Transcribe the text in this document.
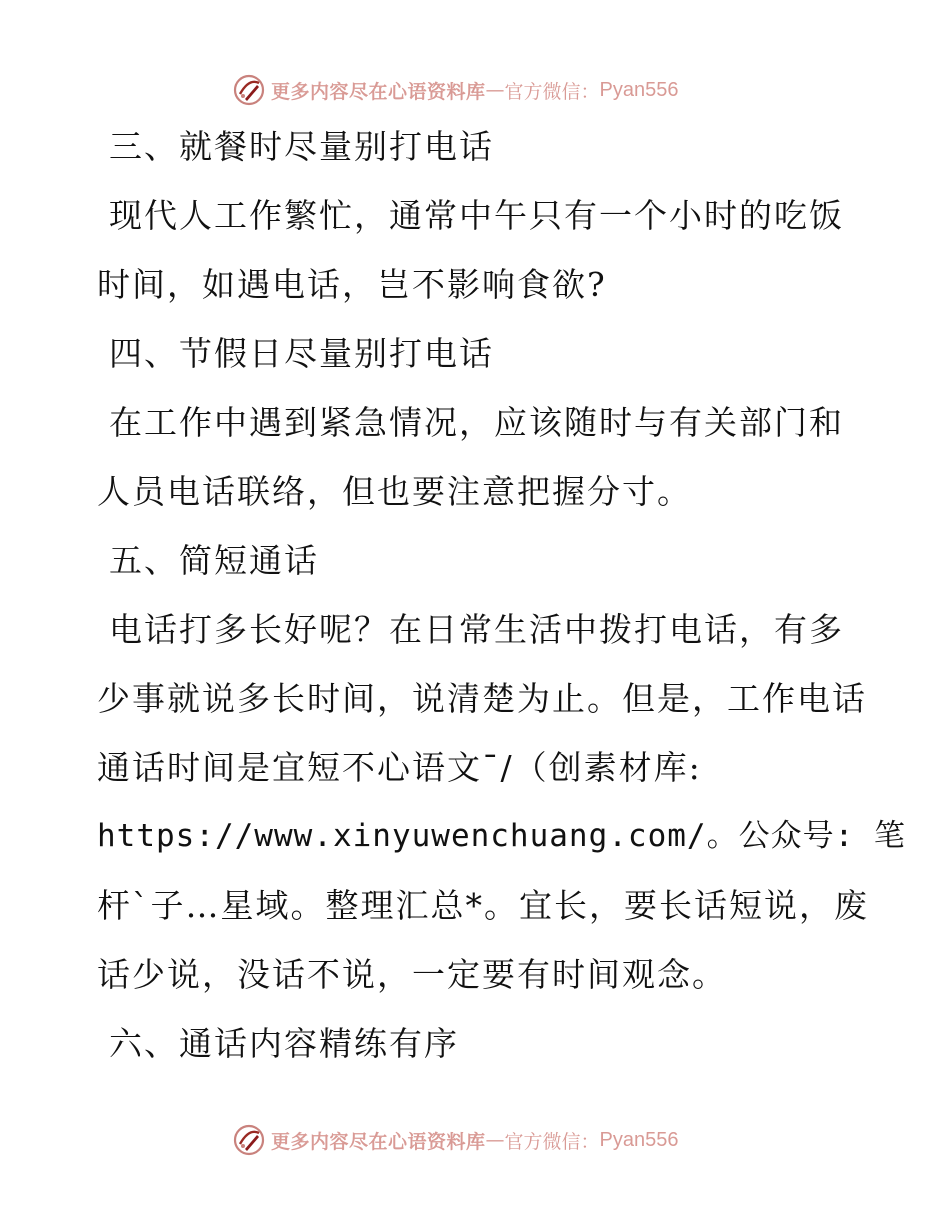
更多内容尽在心语资料库 — 官方微信： Pyan556
三、就餐时尽量别打电话
现代人工作繁忙，通常中午只有一个小时的吃饭
时间，如遇电话，岂不影响食欲?
四、节假日尽量别打电话
在工作中遇到紧急情况，应该随时与有关部门和
人员电话联络，但也要注意把握分寸。
五、简短通话
电话打多长好呢？在日常生活中拨打电话，有多
少事就说多长时间，说清楚为止。但是，工作电话
通话时间是宜短不心语文¯/（创素材库:
https://www.xinyuwenchuang.com/。公众号: 笔
杆`子…星域。整理汇总*。宜长，要长话短说，废
话少说，没话不说，一定要有时间观念。
六、通话内容精练有序
更多内容尽在心语资料库 — 官方微信： Pyan556
